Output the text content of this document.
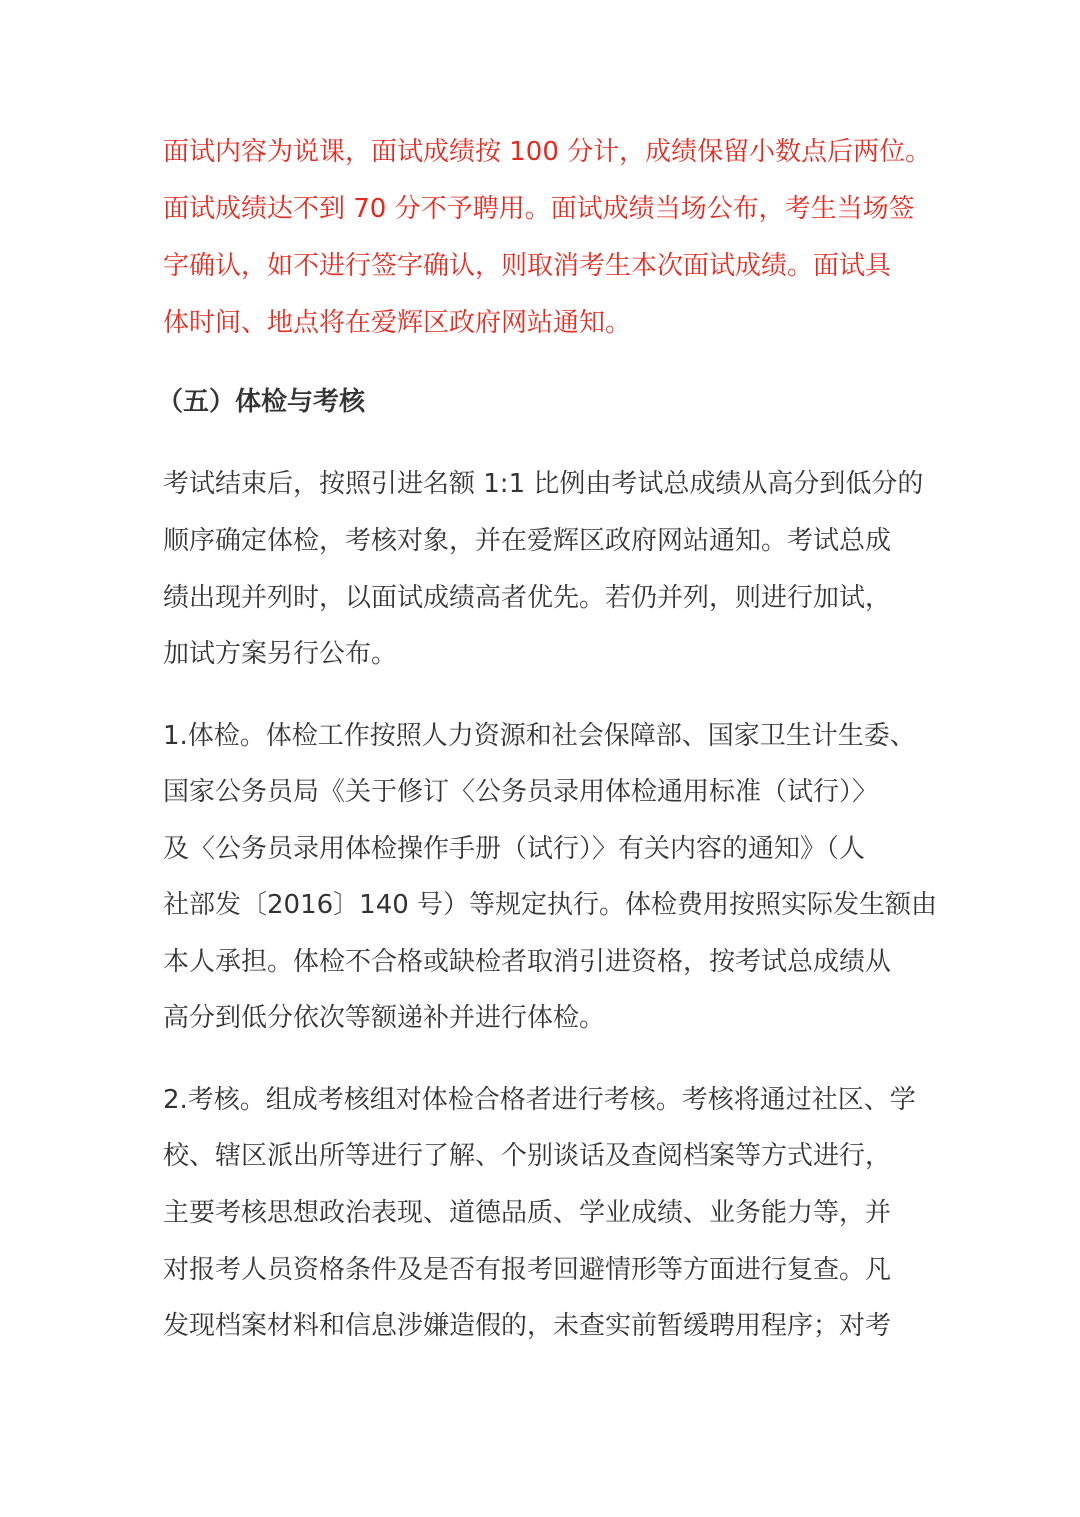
面试内容为说课，面试成绩按 100 分计，成绩保留小数点后两位。
面试成绩达不到 70 分不予聘用。面试成绩当场公布，考生当场签
字确认，如不进行签字确认，则取消考生本次面试成绩。面试具
体时间、地点将在爱辉区政府网站通知。
（五）体检与考核
考试结束后，按照引进名额 1:1 比例由考试总成绩从高分到低分的
顺序确定体检，考核对象，并在爱辉区政府网站通知。考试总成
绩出现并列时，以面试成绩高者优先。若仍并列，则进行加试，
加试方案另行公布。
1.体检。体检工作按照人力资源和社会保障部、国家卫生计生委、
国家公务员局《关于修订〈公务员录用体检通用标准（试行）〉
及〈公务员录用体检操作手册（试行）〉有关内容的通知》（人
社部发〔2016〕140 号）等规定执行。体检费用按照实际发生额由
本人承担。体检不合格或缺检者取消引进资格，按考试总成绩从
高分到低分依次等额递补并进行体检。
2.考核。组成考核组对体检合格者进行考核。考核将通过社区、学
校、辖区派出所等进行了解、个别谈话及查阅档案等方式进行，
主要考核思想政治表现、道德品质、学业成绩、业务能力等，并
对报考人员资格条件及是否有报考回避情形等方面进行复查。凡
发现档案材料和信息涉嫌造假的，未查实前暂缓聘用程序；对考
